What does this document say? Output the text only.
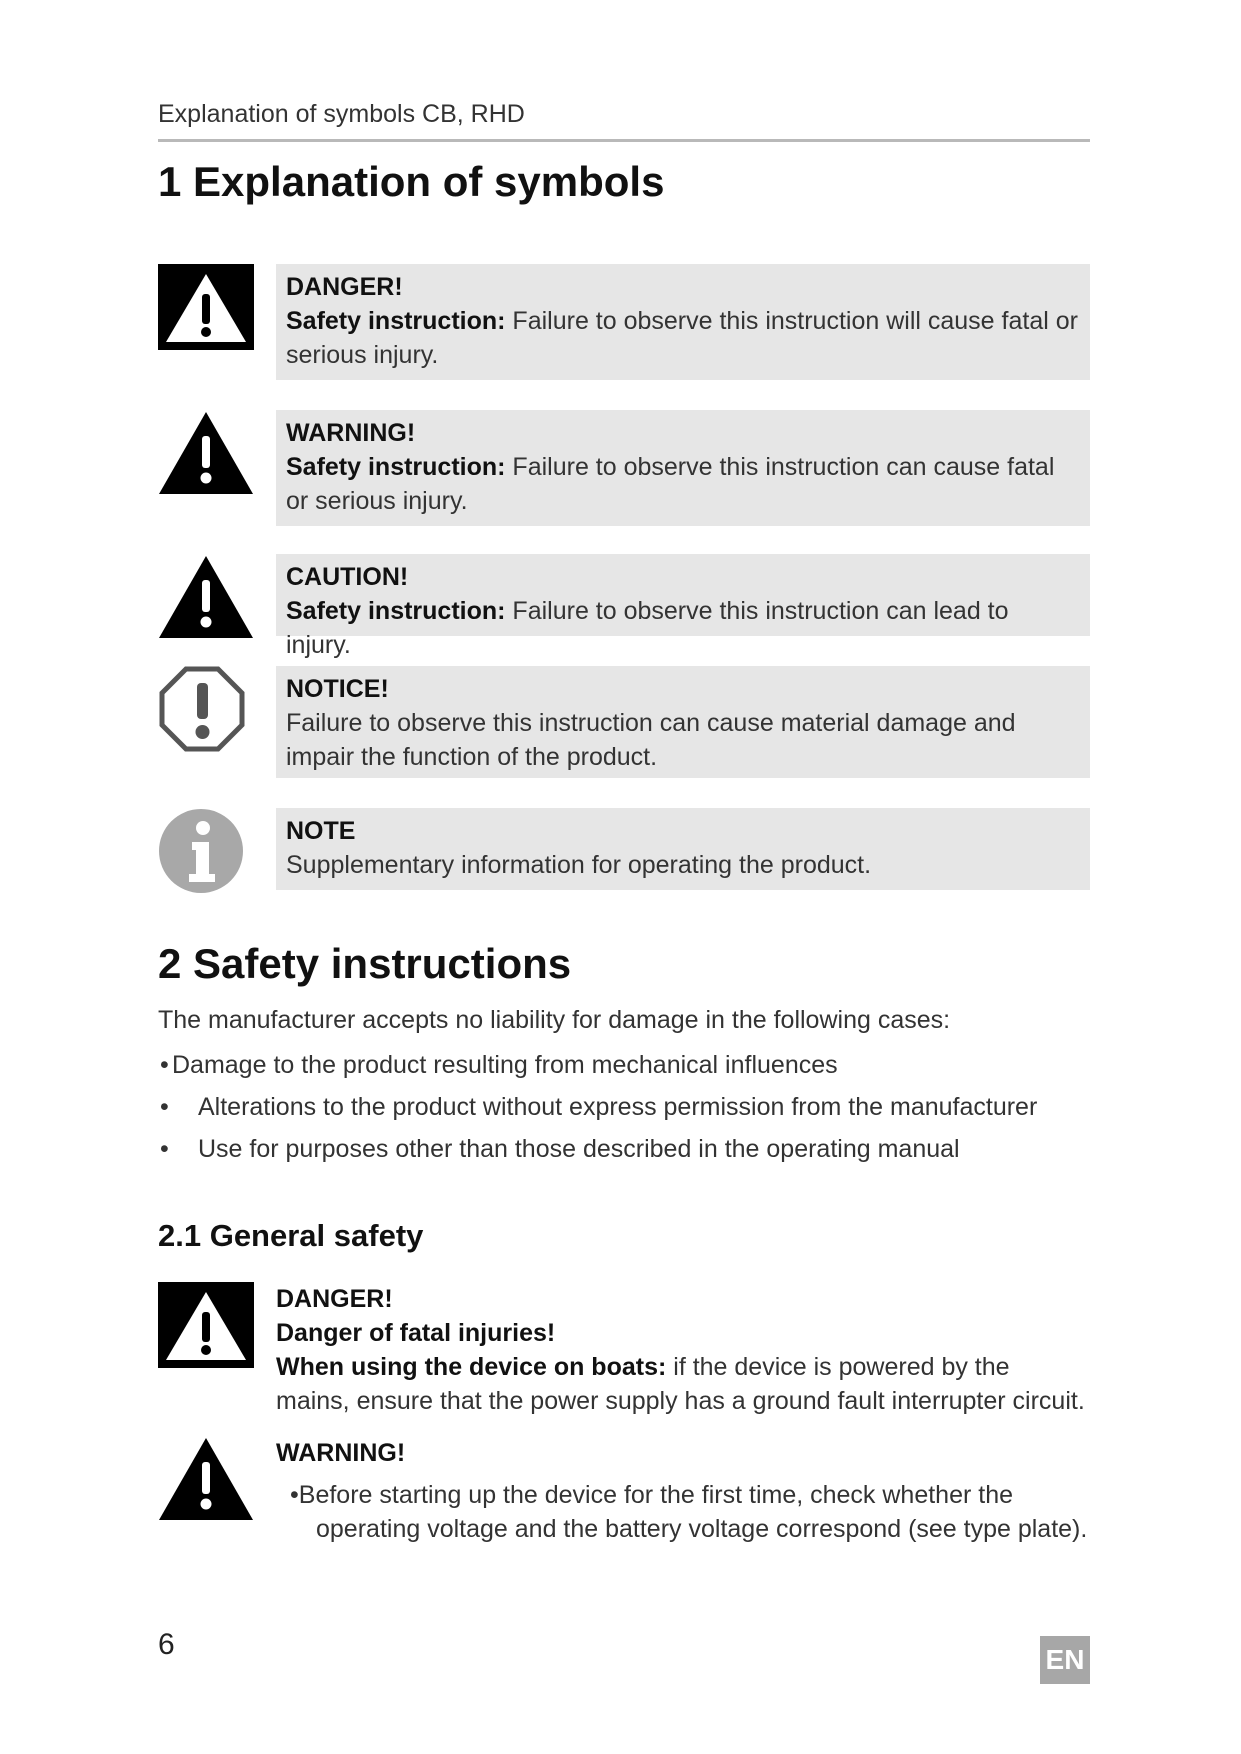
Explanation of symbols CB, RHD
1 Explanation of symbols
DANGER!
Safety instruction: Failure to observe this instruction will cause fatal or serious injury.
WARNING!
Safety instruction: Failure to observe this instruction can cause fatal or serious injury.
CAUTION!
Safety instruction: Failure to observe this instruction can lead to injury.
NOTICE!
Failure to observe this instruction can cause material damage and impair the function of the product.
NOTE
Supplementary information for operating the product.
2 Safety instructions
The manufacturer accepts no liability for damage in the following cases:
• Damage to the product resulting from mechanical influences
• Alterations to the product without express permission from the manufacturer
• Use for purposes other than those described in the operating manual
2.1 General safety
DANGER!
Danger of fatal injuries!
When using the device on boats: if the device is powered by the mains, ensure that the power supply has a ground fault interrupter circuit.
WARNING!
•Before starting up the device for the first time, check whether the operating voltage and the battery voltage correspond (see type plate).
6	EN
